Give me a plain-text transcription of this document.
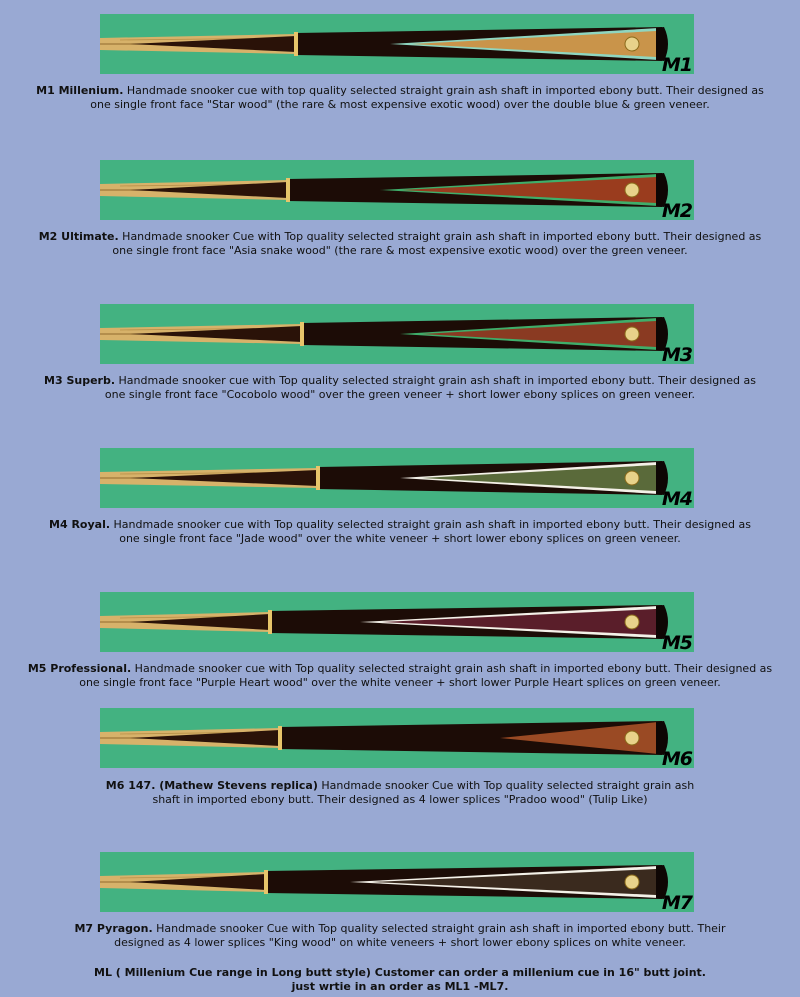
M1
M1 Millenium. Handmade snooker cue with top quality selected straight grain ash shaft in imported ebony butt. Their designed as
one single front face "Star wood" (the rare & most expensive exotic wood) over the double blue & green veneer.
M2
M2 Ultimate. Handmade snooker Cue with Top quality selected straight grain ash shaft in imported ebony butt. Their designed as
one single front face "Asia snake wood" (the rare & most expensive exotic wood) over the green veneer.
M3
M3 Superb. Handmade snooker cue with Top quality selected straight grain ash shaft in imported ebony butt. Their designed as
one single front face "Cocobolo wood" over the green veneer + short lower ebony splices on green veneer.
M4
M4 Royal. Handmade snooker cue with Top quality selected straight grain ash shaft in imported ebony butt. Their designed as
one single front face "Jade wood" over the white veneer + short lower ebony splices on green veneer.
M5
M5 Professional. Handmade snooker cue with Top quality selected straight grain ash shaft in imported ebony butt. Their designed as
one single front face "Purple Heart wood" over the white veneer + short lower Purple Heart splices on green veneer.
M6
M6 147. (Mathew Stevens replica) Handmade snooker Cue with Top quality selected straight grain ash
shaft in imported ebony butt. Their designed as 4 lower splices "Pradoo wood" (Tulip Like)
M7
M7 Pyragon. Handmade snooker Cue with Top quality selected straight grain ash shaft in imported ebony butt. Their
designed as 4 lower splices "King wood" on white veneers + short lower ebony splices on white veneer.
ML ( Millenium Cue range in Long butt style) Customer can order a millenium cue in 16" butt joint.
just wrtie in an order as ML1 -ML7.
